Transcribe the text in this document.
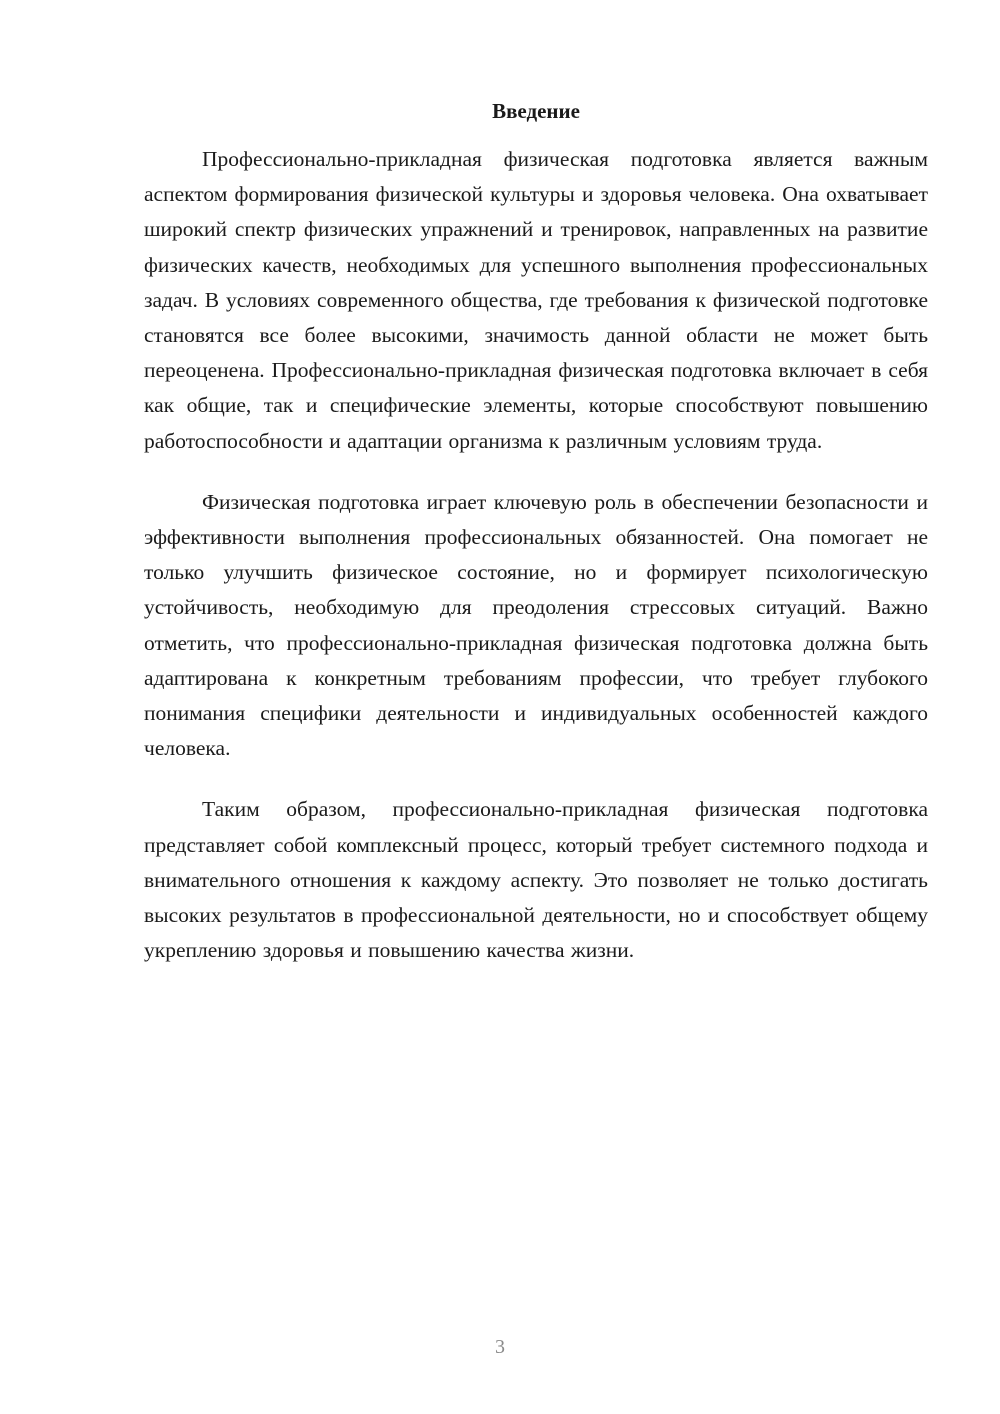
Введение

Профессионально-прикладная физическая подготовка является важным аспектом формирования физической культуры и здоровья человека. Она охватывает широкий спектр физических упражнений и тренировок, направленных на развитие физических качеств, необходимых для успешного выполнения профессиональных задач. В условиях современного общества, где требования к физической подготовке становятся все более высокими, значимость данной области не может быть переоценена. Профессионально-прикладная физическая подготовка включает в себя как общие, так и специфические элементы, которые способствуют повышению работоспособности и адаптации организма к различным условиям труда.

Физическая подготовка играет ключевую роль в обеспечении безопасности и эффективности выполнения профессиональных обязанностей. Она помогает не только улучшить физическое состояние, но и формирует психологическую устойчивость, необходимую для преодоления стрессовых ситуаций. Важно отметить, что профессионально-прикладная физическая подготовка должна быть адаптирована к конкретным требованиям профессии, что требует глубокого понимания специфики деятельности и индивидуальных особенностей каждого человека.

Таким образом, профессионально-прикладная физическая подготовка представляет собой комплексный процесс, который требует системного подхода и внимательного отношения к каждому аспекту. Это позволяет не только достигать высоких результатов в профессиональной деятельности, но и способствует общему укреплению здоровья и повышению качества жизни.

3
